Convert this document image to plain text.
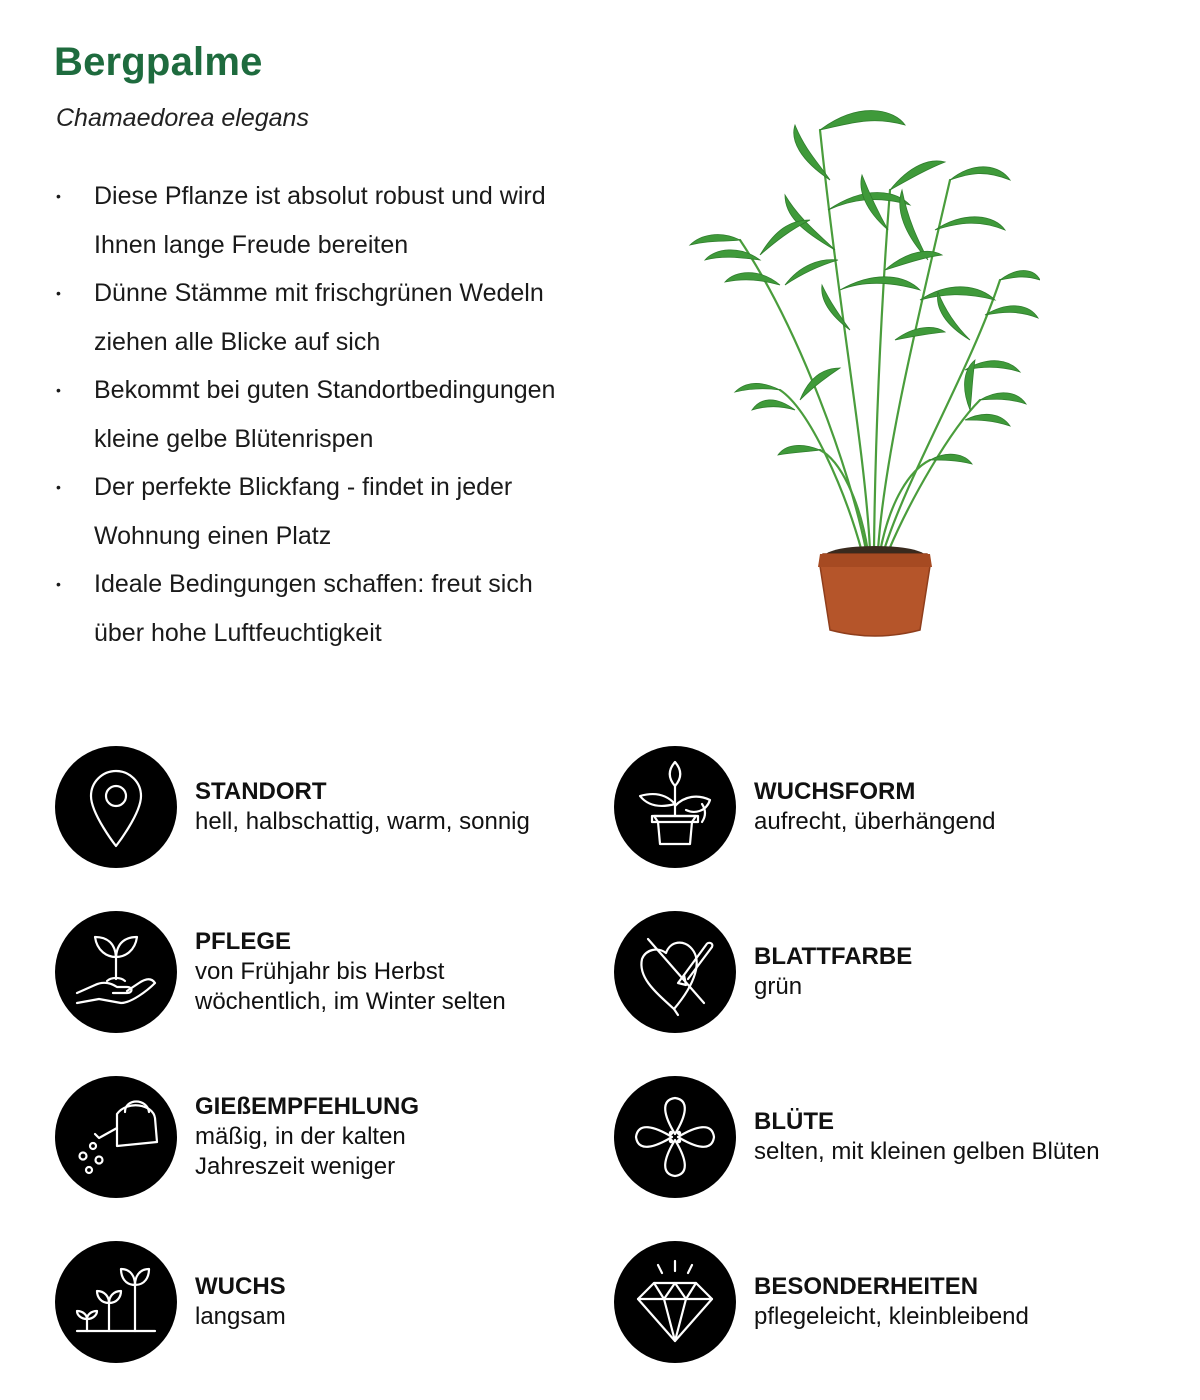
Bergpalme

Chamaedorea elegans

• Diese Pflanze ist absolut robust und wird
Ihnen lange Freude bereiten
• Dünne Stämme mit frischgrünen Wedeln
ziehen alle Blicke auf sich
• Bekommt bei guten Standortbedingungen
kleine gelbe Blütenrispen
• Der perfekte Blickfang - findet in jeder
Wohnung einen Platz
• Ideale Bedingungen schaffen: freut sich
über hohe Luftfeuchtigkeit
STANDORT
hell, halbschattig, warm, sonnig
WUCHSFORM
aufrecht, überhängend
PFLEGE
von Frühjahr bis Herbst
wöchentlich, im Winter selten
BLATTFARBE
grün
GIEßEMPFEHLUNG
mäßig, in der kalten
Jahreszeit weniger
BLÜTE
selten, mit kleinen gelben Blüten
WUCHS
langsam
BESONDERHEITEN
pflegeleicht, kleinbleibend
